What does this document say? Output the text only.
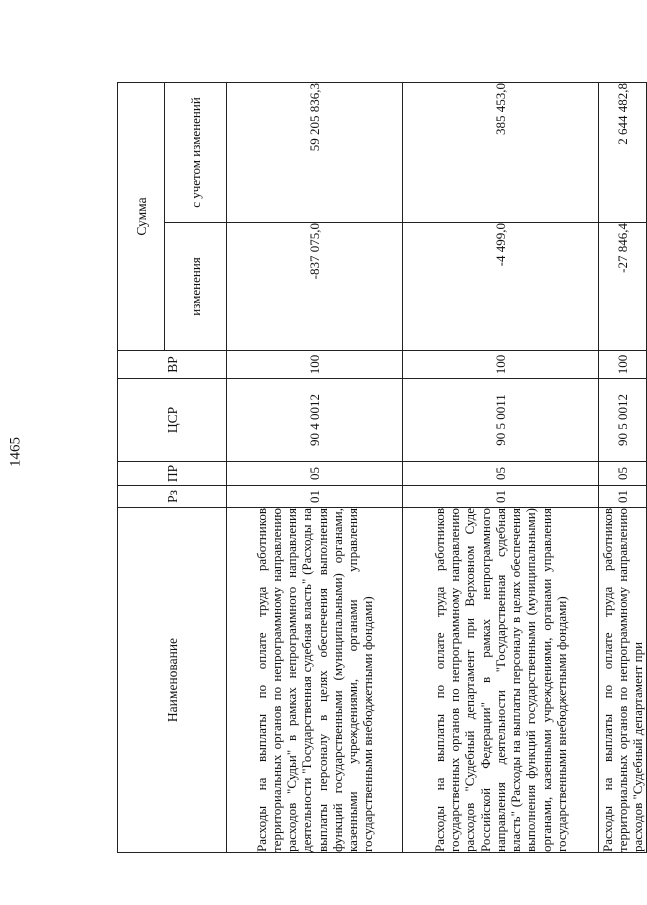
1465
Наименование	Рз	ПР	ЦСР	ВР	Сумма	
					изменения	с учетом изменений
Расходы на выплаты по оплате труда работников территориальных органов по непрограммному направлению расходов "Судьи" в рамках непрограммного направления деятельности "Государственная судебная власть" (Расходы на выплаты персоналу в целях обеспечения выполнения функций государственными (муниципальными) органами, казенными учреждениями, органами управления государственными внебюджетными фондами)	01	05	90 4 0012	100	-837 075,0	59 205 836,3
Расходы на выплаты по оплате труда работников государственных органов по непрограммному направлению расходов "Судебный департамент при Верховном Суде Российской Федерации" в рамках непрограммного направления деятельности "Государственная судебная власть" (Расходы на выплаты персоналу в целях обеспечения выполнения функций государственными (муниципальными) органами, казенными учреждениями, органами управления государственными внебюджетными фондами)	01	05	90 5 0011	100	-4 499,0	385 453,0
Расходы на выплаты по оплате труда работников территориальных органов по непрограммному направлению расходов "Судебный департамент при	01	05	90 5 0012	100	-27 846,4	2 644 482,8
